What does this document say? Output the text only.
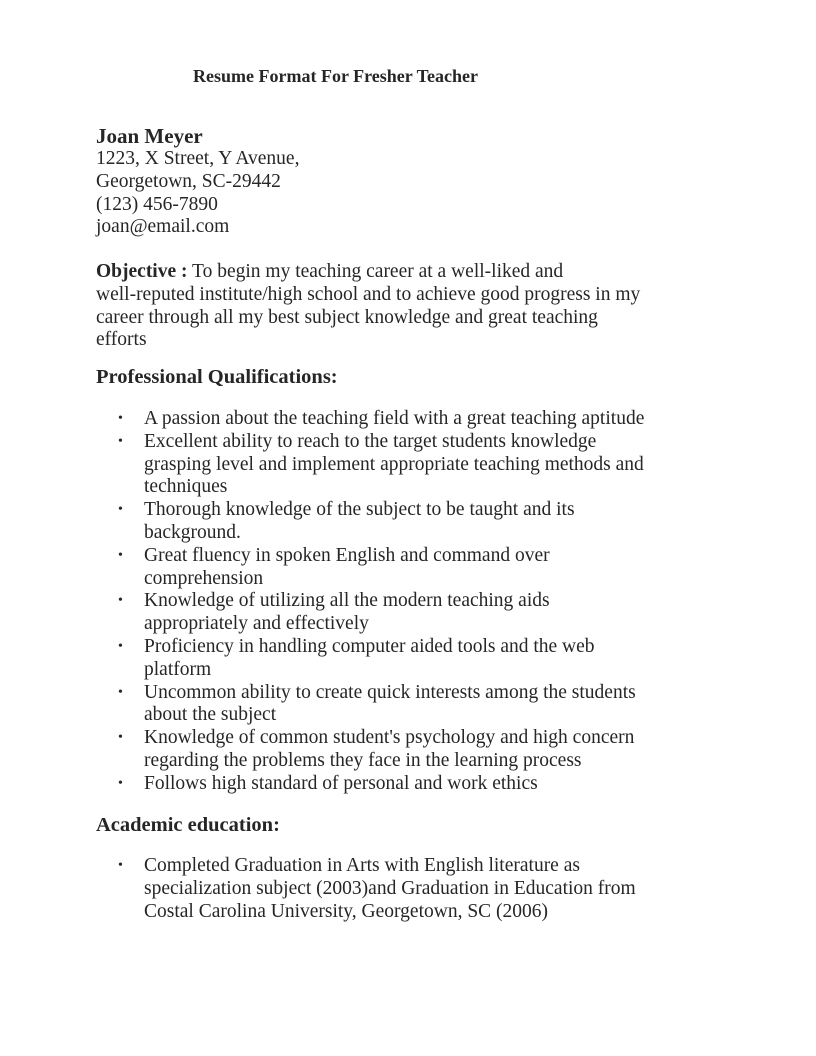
Resume Format For Fresher Teacher
Joan Meyer
1223, X Street, Y Avenue,
Georgetown, SC-29442
(123) 456-7890
joan@email.com
Objective : To begin my teaching career at a well-liked and
well-reputed institute/high school and to achieve good progress in my
career through all my best subject knowledge and great teaching
efforts
Professional Qualifications:
• A passion about the teaching field with a great teaching aptitude
• Excellent ability to reach to the target students knowledge
grasping level and implement appropriate teaching methods and
techniques
• Thorough knowledge of the subject to be taught and its
background.
• Great fluency in spoken English and command over
comprehension
• Knowledge of utilizing all the modern teaching aids
appropriately and effectively
• Proficiency in handling computer aided tools and the web
platform
• Uncommon ability to create quick interests among the students
about the subject
• Knowledge of common student's psychology and high concern
regarding the problems they face in the learning process
• Follows high standard of personal and work ethics
Academic education:
• Completed Graduation in Arts with English literature as
specialization subject (2003)and Graduation in Education from
Costal Carolina University, Georgetown, SC (2006)
